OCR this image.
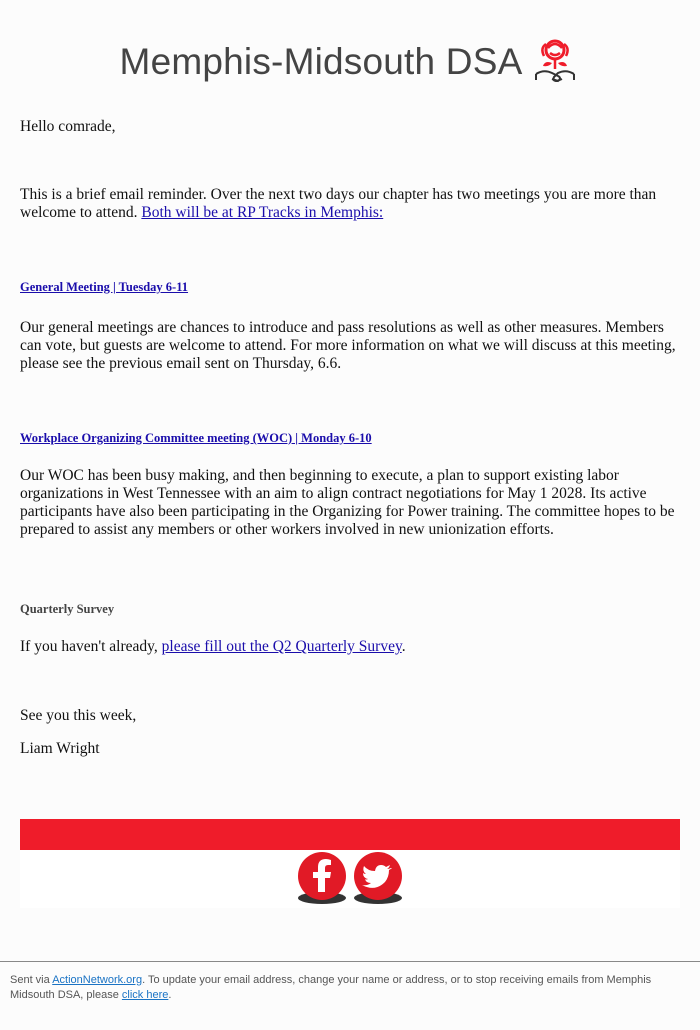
Memphis-Midsouth DSA

Hello comrade,

This is a brief email reminder. Over the next two days our chapter has two meetings you are more than welcome to attend. Both will be at RP Tracks in Memphis:

General Meeting | Tuesday 6-11

Our general meetings are chances to introduce and pass resolutions as well as other measures. Members can vote, but guests are welcome to attend. For more information on what we will discuss at this meeting, please see the previous email sent on Thursday, 6.6.

Workplace Organizing Committee meeting (WOC) | Monday 6-10

Our WOC has been busy making, and then beginning to execute, a plan to support existing labor organizations in West Tennessee with an aim to align contract negotiations for May 1 2028. Its active participants have also been participating in the Organizing for Power training. The committee hopes to be prepared to assist any members or other workers involved in new unionization efforts.

Quarterly Survey

If you haven't already, please fill out the Q2 Quarterly Survey.

See you this week,

Liam Wright

Sent via ActionNetwork.org. To update your email address, change your name or address, or to stop receiving emails from Memphis Midsouth DSA, please click here.
